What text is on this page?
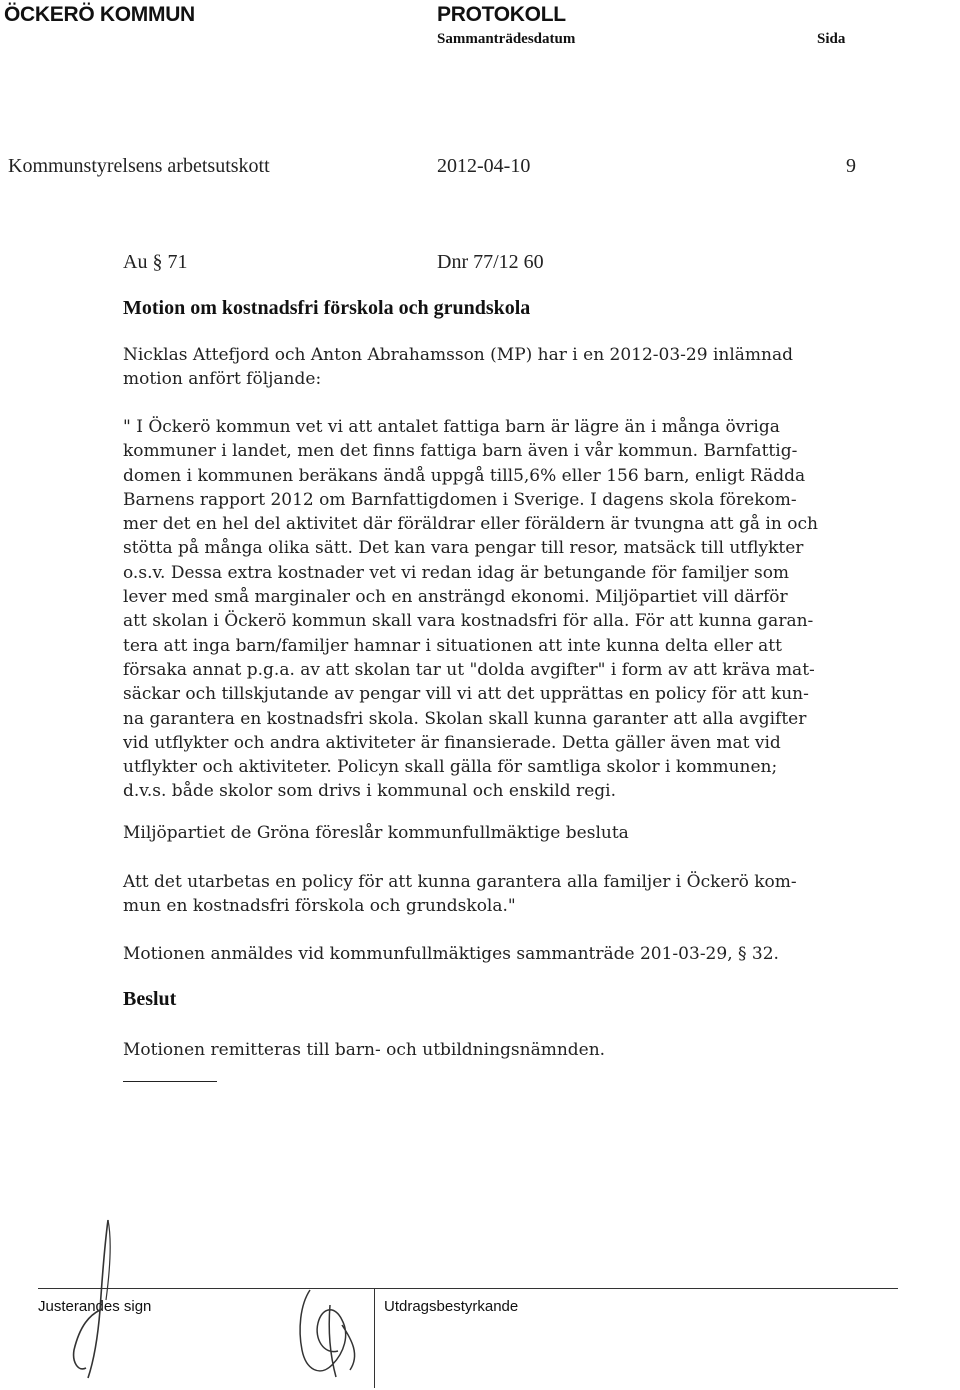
ÖCKERÖ KOMMUN	PROTOKOLL
Sammanträdesdatum	Sida
Kommunstyrelsens arbetsutskott	2012-04-10	9
Au § 71	Dnr 77/12 60
Motion om kostnadsfri förskola och grundskola
Nicklas Attefjord och Anton Abrahamsson (MP) har i en 2012-03-29 inlämnad
motion anfört följande:
" I Öckerö kommun vet vi att antalet fattiga barn är lägre än i många övriga
kommuner i landet, men det finns fattiga barn även i vår kommun. Barnfattig-
domen i kommunen beräkans ändå uppgå till5,6% eller 156 barn, enligt Rädda
Barnens rapport 2012 om Barnfattigdomen i Sverige. I dagens skola förekom-
mer det en hel del aktivitet där föräldrar eller föräldern är tvungna att gå in och
stötta på många olika sätt. Det kan vara pengar till resor, matsäck till utflykter
o.s.v. Dessa extra kostnader vet vi redan idag är betungande för familjer som
lever med små marginaler och en ansträngd ekonomi. Miljöpartiet vill därför
att skolan i Öckerö kommun skall vara kostnadsfri för alla. För att kunna garan-
tera att inga barn/familjer hamnar i situationen att inte kunna delta eller att
försaka annat p.g.a. av att skolan tar ut "dolda avgifter" i form av att kräva mat-
säckar och tillskjutande av pengar vill vi att det upprättas en policy för att kun-
na garantera en kostnadsfri skola. Skolan skall kunna garanter att alla avgifter
vid utflykter och andra aktiviteter är finansierade. Detta gäller även mat vid
utflykter och aktiviteter. Policyn skall gälla för samtliga skolor i kommunen;
d.v.s. både skolor som drivs i kommunal och enskild regi.
Miljöpartiet de Gröna föreslår kommunfullmäktige besluta
Att det utarbetas en policy för att kunna garantera alla familjer i Öckerö kom-
mun en kostnadsfri förskola och grundskola."
Motionen anmäldes vid kommunfullmäktiges sammanträde 201-03-29, § 32.
Beslut
Motionen remitteras till barn- och utbildningsnämnden.
Justerandes sign	Utdragsbestyrkande
